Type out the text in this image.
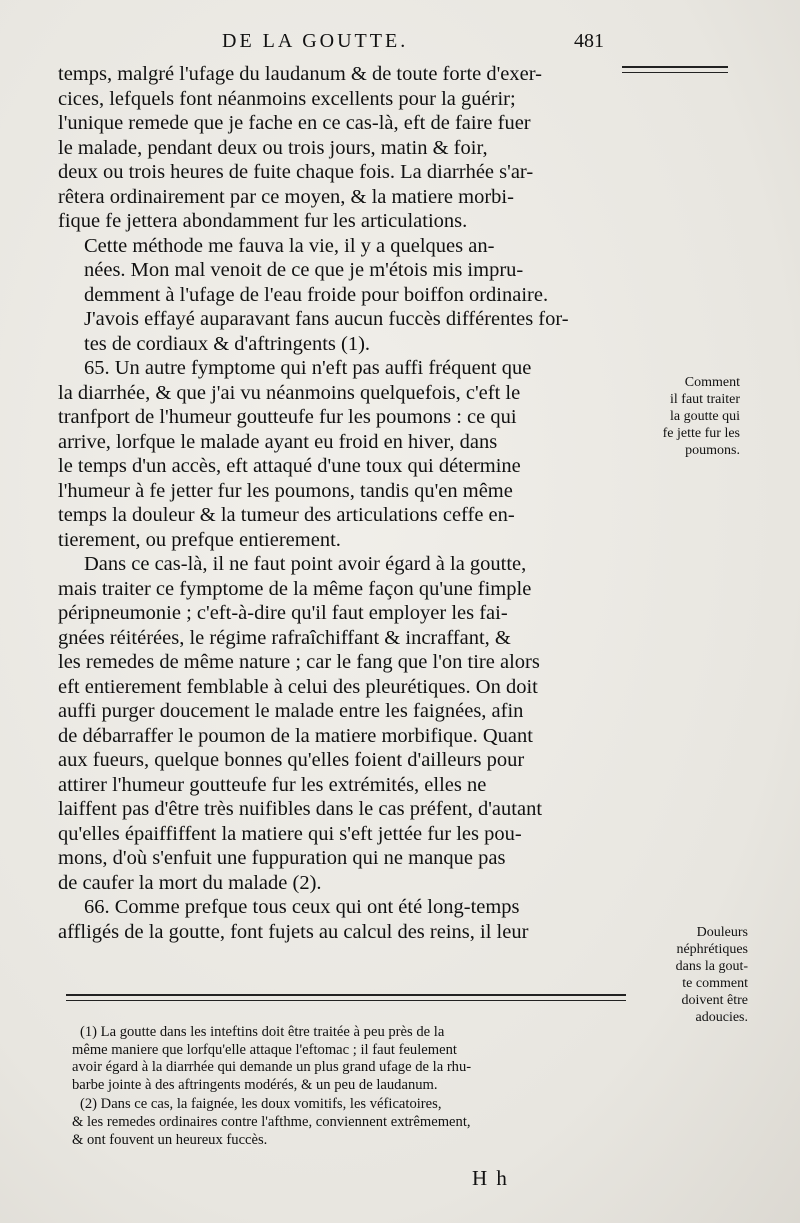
DE LA GOUTTE.	481

temps, malgré l'ufage du laudanum & de toute forte d'exer-
cices, lefquels font néanmoins excellents pour la guérir;
l'unique remede que je fache en ce cas-là, eft de faire fuer
le malade, pendant deux ou trois jours, matin & foir,
deux ou trois heures de fuite chaque fois. La diarrhée s'ar-
rêtera ordinairement par ce moyen, & la matiere morbi-
fique fe jettera abondamment fur les articulations.

Cette méthode me fauva la vie, il y a quelques an-
nées. Mon mal venoit de ce que je m'étois mis impru-
demment à l'ufage de l'eau froide pour boiffon ordinaire.
J'avois effayé auparavant fans aucun fuccès différentes for-
tes de cordiaux & d'aftringents (1).

65. Un autre fymptome qui n'eft pas auffi fréquent que
la diarrhée, & que j'ai vu néanmoins quelquefois, c'eft le
tranfport de l'humeur goutteufe fur les poumons : ce qui
arrive, lorfque le malade ayant eu froid en hiver, dans
le temps d'un accès, eft attaqué d'une toux qui détermine
l'humeur à fe jetter fur les poumons, tandis qu'en même
temps la douleur & la tumeur des articulations ceffe en-
tierement, ou prefque entierement.

Dans ce cas-là, il ne faut point avoir égard à la goutte,
mais traiter ce fymptome de la même façon qu'une fimple
péripneumonie ; c'eft-à-dire qu'il faut employer les fai-
gnées réitérées, le régime rafraîchiffant & incraffant, &
les remedes de même nature ; car le fang que l'on tire alors
eft entierement femblable à celui des pleurétiques. On doit
auffi purger doucement le malade entre les faignées, afin
de débarraffer le poumon de la matiere morbifique. Quant
aux fueurs, quelque bonnes qu'elles foient d'ailleurs pour
attirer l'humeur goutteufe fur les extrémités, elles ne
laiffent pas d'être très nuifibles dans le cas préfent, d'autant
qu'elles épaiffiffent la matiere qui s'eft jettée fur les pou-
mons, d'où s'enfuit une fuppuration qui ne manque pas
de caufer la mort du malade (2).

66. Comme prefque tous ceux qui ont été long-temps
affligés de la goutte, font fujets au calcul des reins, il leur

Comment
il faut traiter
la goutte qui
fe jette fur les
poumons.
Douleurs
néphrétiques
dans la gout-
te comment
doivent être
adoucies.

(1) La goutte dans les inteftins doit être traitée à peu près de la
même maniere que lorfqu'elle attaque l'eftomac ; il faut feulement
avoir égard à la diarrhée qui demande un plus grand ufage de la rhu-
barbe jointe à des aftringents modérés, & un peu de laudanum.

(2) Dans ce cas, la faignée, les doux vomitifs, les véficatoires,
& les remedes ordinaires contre l'afthme, conviennent extrêmement,
& ont fouvent un heureux fuccès.

H h
